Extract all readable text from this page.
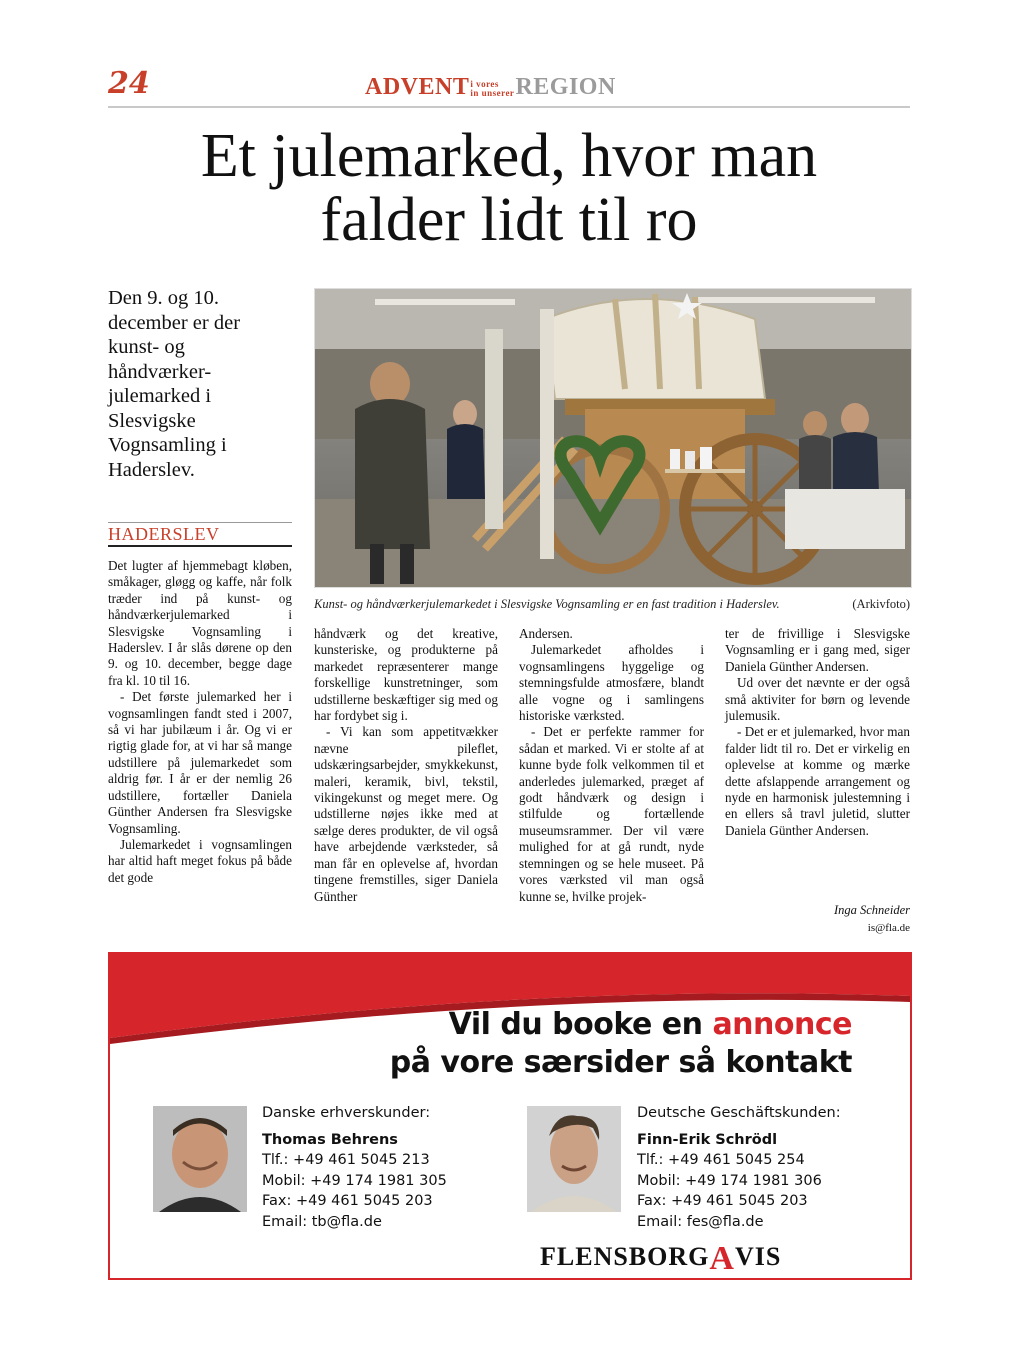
24	ADVENTi vores
in unsererREGION
Et julemarked, hvor man
falder lidt til ro
Den 9. og 10. december er der kunst- og håndværker-julemarked i Slesvigske Vognsamling i Haderslev.
HADERSLEV
Kunst- og håndværkerjulemarkedet i Slesvigske Vognsamling er en fast tradition i Haderslev.	(Arkivfoto)

Det lugter af hjemmebagt kløben, småkager, gløgg og kaffe, når folk træder ind på kunst- og håndværkerjulemarked i Slesvigske Vognsamling i Haderslev. I år slås dørene op den 9. og 10. december, begge dage fra kl. 10 til 16.

- Det første julemarked her i vognsamlingen fandt sted i 2007, så vi har jubilæum i år. Og vi er rigtig glade for, at vi har så mange udstillere på julemarkedet som aldrig før. I år er der nemlig 26 udstillere, fortæller Daniela Günther Andersen fra Slesvigske Vognsamling.

Julemarkedet i vognsamlingen har altid haft meget fokus på både det gode

håndværk og det kreative, kunsteriske, og produkterne på markedet repræsenterer mange forskellige kunstretninger, som udstillerne beskæftiger sig med og har fordybet sig i.

- Vi kan som appetitvækker nævne pileflet, udskæringsarbejder, smykkekunst, maleri, keramik, bivl, tekstil, vikingekunst og meget mere. Og udstillerne nøjes ikke med at sælge deres produkter, de vil også have arbejdende værksteder, så man får en oplevelse af, hvordan tingene fremstilles, siger Daniela Günther

Andersen.

Julemarkedet afholdes i vognsamlingens hyggelige og stemningsfulde atmosfære, blandt alle vogne og i samlingens historiske værksted.

- Det er perfekte rammer for sådan et marked. Vi er stolte af at kunne byde folk velkommen til et anderledes julemarked, præget af godt håndværk og design i stilfulde og fortællende museumsrammer. Der vil være mulighed for at gå rundt, nyde stemningen og se hele museet. På vores værksted vil man også kunne se, hvilke projek-

ter de frivillige i Slesvigske Vognsamling er i gang med, siger Daniela Günther Andersen.

Ud over det nævnte er der også små aktiviter for børn og levende julemusik.

- Det er et julemarked, hvor man falder lidt til ro. Det er virkelig en oplevelse at komme og mærke dette afslappende arrangement og nyde en harmonisk julestemning i en ellers så travl juletid, slutter Daniela Günther Andersen.

Inga Schneider
is@fla.de
Vil du booke en annonce
på vore særsider så kontakt
Danske erhverskunder:
Thomas Behrens
Tlf.: +49 461 5045 213
Mobil: +49 174 1981 305
Fax: +49 461 5045 203
Email: tb@fla.de
Deutsche Geschäftskunden:
Finn-Erik Schrödl
Tlf.: +49 461 5045 254
Mobil: +49 174 1981 306
Fax: +49 461 5045 203
Email: fes@fla.de
FLENSBORGAVIS
